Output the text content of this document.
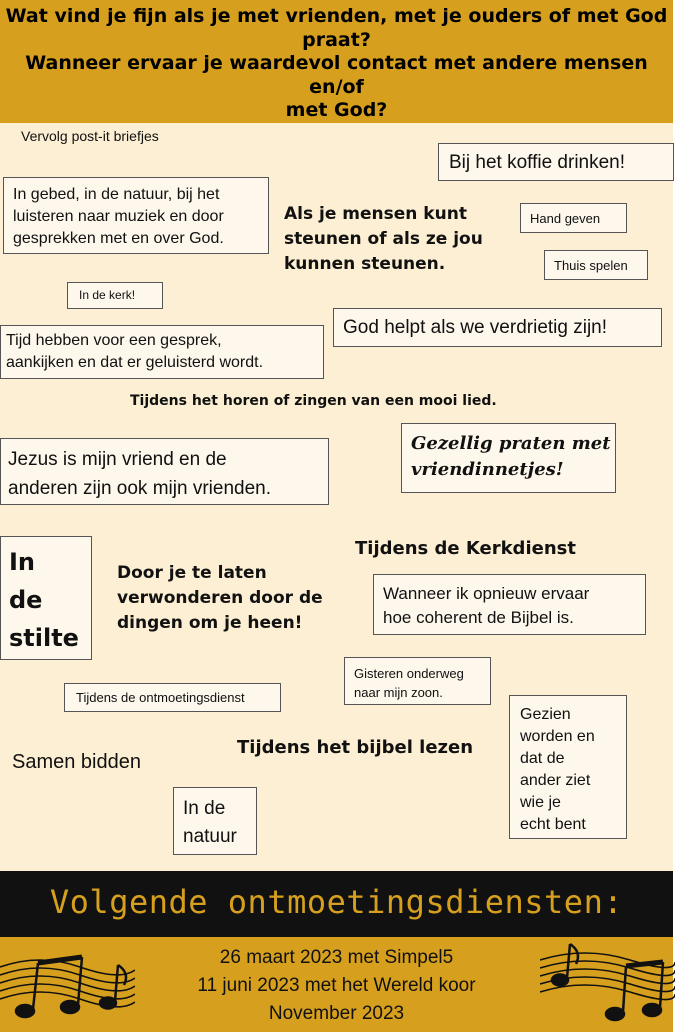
Wat vind je fijn als je met vrienden, met je ouders of met God
praat?
Wanneer ervaar je waardevol contact met andere mensen en/of
met God?
Vervolg post-it briefjes
Bij het koffie drinken!
In gebed, in de natuur, bij het
luisteren naar muziek en door
gesprekken met en over God.
Als je mensen kunt
steunen of als ze jou
kunnen steunen.
Hand geven
Thuis spelen
In de kerk!
God helpt als we verdrietig zijn!
Tijd hebben voor een gesprek,
aankijken en dat er geluisterd wordt.
Tijdens het horen of zingen van een mooi lied.
Jezus is mijn vriend en de
anderen zijn ook mijn vrienden.
Gezellig praten met
vriendinnetjes!
In
de
stilte
Door je te laten
verwonderen door de
dingen om je heen!
Tijdens de Kerkdienst
Wanneer ik opnieuw ervaar
hoe coherent de Bijbel is.
Gisteren onderweg
naar mijn zoon.
Tijdens de ontmoetingsdienst
Gezien
worden en
dat de
ander ziet
wie je
echt bent
Samen bidden
Tijdens het bijbel lezen
In de
natuur
Volgende ontmoetingsdiensten:
26 maart 2023 met Simpel5
11 juni 2023 met het Wereld koor
November 2023
